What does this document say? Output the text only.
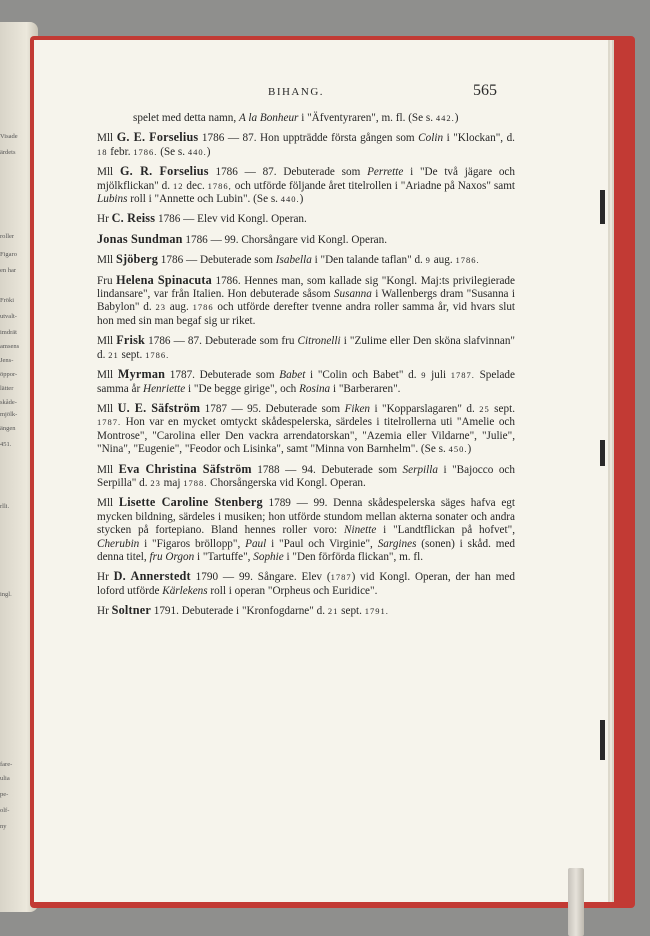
Visade
ärdets
roller
Figaro
en har
Fröki
utvalt-
imdrät
amsens
Jens-
öppor-
lätter
skåde-
mjölk-
ängen
451.
rlli.
ingl.
fare-
ulia
pe-
olf-
ny
BIHANG.	565

spelet med detta namn, A la Bonheur i "Äfventyraren", m. fl. (Se s. 442.)

Mll G. E. Forselius 1786 — 87. Hon uppträdde första gången som Colin i "Klockan", d. 18 febr. 1786. (Se s. 440.)

Mll G. R. Forselius 1786 — 87. Debuterade som Perrette i "De två jägare och mjölkflickan" d. 12 dec. 1786, och utförde följande året titelrollen i "Ariadne på Naxos" samt Lubins roll i "Annette och Lubin". (Se s. 440.)

Hr C. Reiss 1786 — Elev vid Kongl. Operan.

Jonas Sundman 1786 — 99. Chorsångare vid Kongl. Operan.

Mll Sjöberg 1786 — Debuterade som Isabella i "Den talande taflan" d. 9 aug. 1786.

Fru Helena Spinacuta 1786. Hennes man, som kallade sig "Kongl. Maj:ts privilegierade lindansare", var från Italien. Hon debuterade såsom Susanna i Wallenbergs dram "Susanna i Babylon" d. 23 aug. 1786 och utförde derefter tvenne andra roller samma år, vid hvars slut hon med sin man begaf sig ur riket.

Mll Frisk 1786 — 87. Debuterade som fru Citronelli i "Zulime eller Den sköna slafvinnan" d. 21 sept. 1786.

Mll Myrman 1787. Debuterade som Babet i "Colin och Babet" d. 9 juli 1787. Spelade samma år Henriette i "De begge girige", och Rosina i "Barberaren".

Mll U. E. Säfström 1787 — 95. Debuterade som Fiken i "Kopparslagaren" d. 25 sept. 1787. Hon var en mycket omtyckt skådespelerska, särdeles i titelrollerna uti "Amelie och Montrose", "Carolina eller Den vackra arrendatorskan", "Azemia eller Vildarne", "Julie", "Nina", "Eugenie", "Feodor och Lisinka", samt "Minna von Barnhelm". (Se s. 450.)

Mll Eva Christina Säfström 1788 — 94. Debuterade som Serpilla i "Bajocco och Serpilla" d. 23 maj 1788. Chorsångerska vid Kongl. Operan.

Mll Lisette Caroline Stenberg 1789 — 99. Denna skådespelerska säges hafva egt mycken bildning, särdeles i musiken; hon utförde stundom mellan akterna sonater och andra stycken på fortepiano. Bland hennes roller voro: Ninette i "Landtflickan på hofvet", Cherubin i "Figaros bröllopp", Paul i "Paul och Virginie", Sargines (sonen) i skåd. med denna titel, fru Orgon i "Tartuffe", Sophie i "Den förförda flickan", m. fl.

Hr D. Annerstedt 1790 — 99. Sångare. Elev (1787) vid Kongl. Operan, der han med loford utförde Kärlekens roll i operan "Orpheus och Euridice".

Hr Soltner 1791. Debuterade i "Kronfogdarne" d. 21 sept. 1791.
